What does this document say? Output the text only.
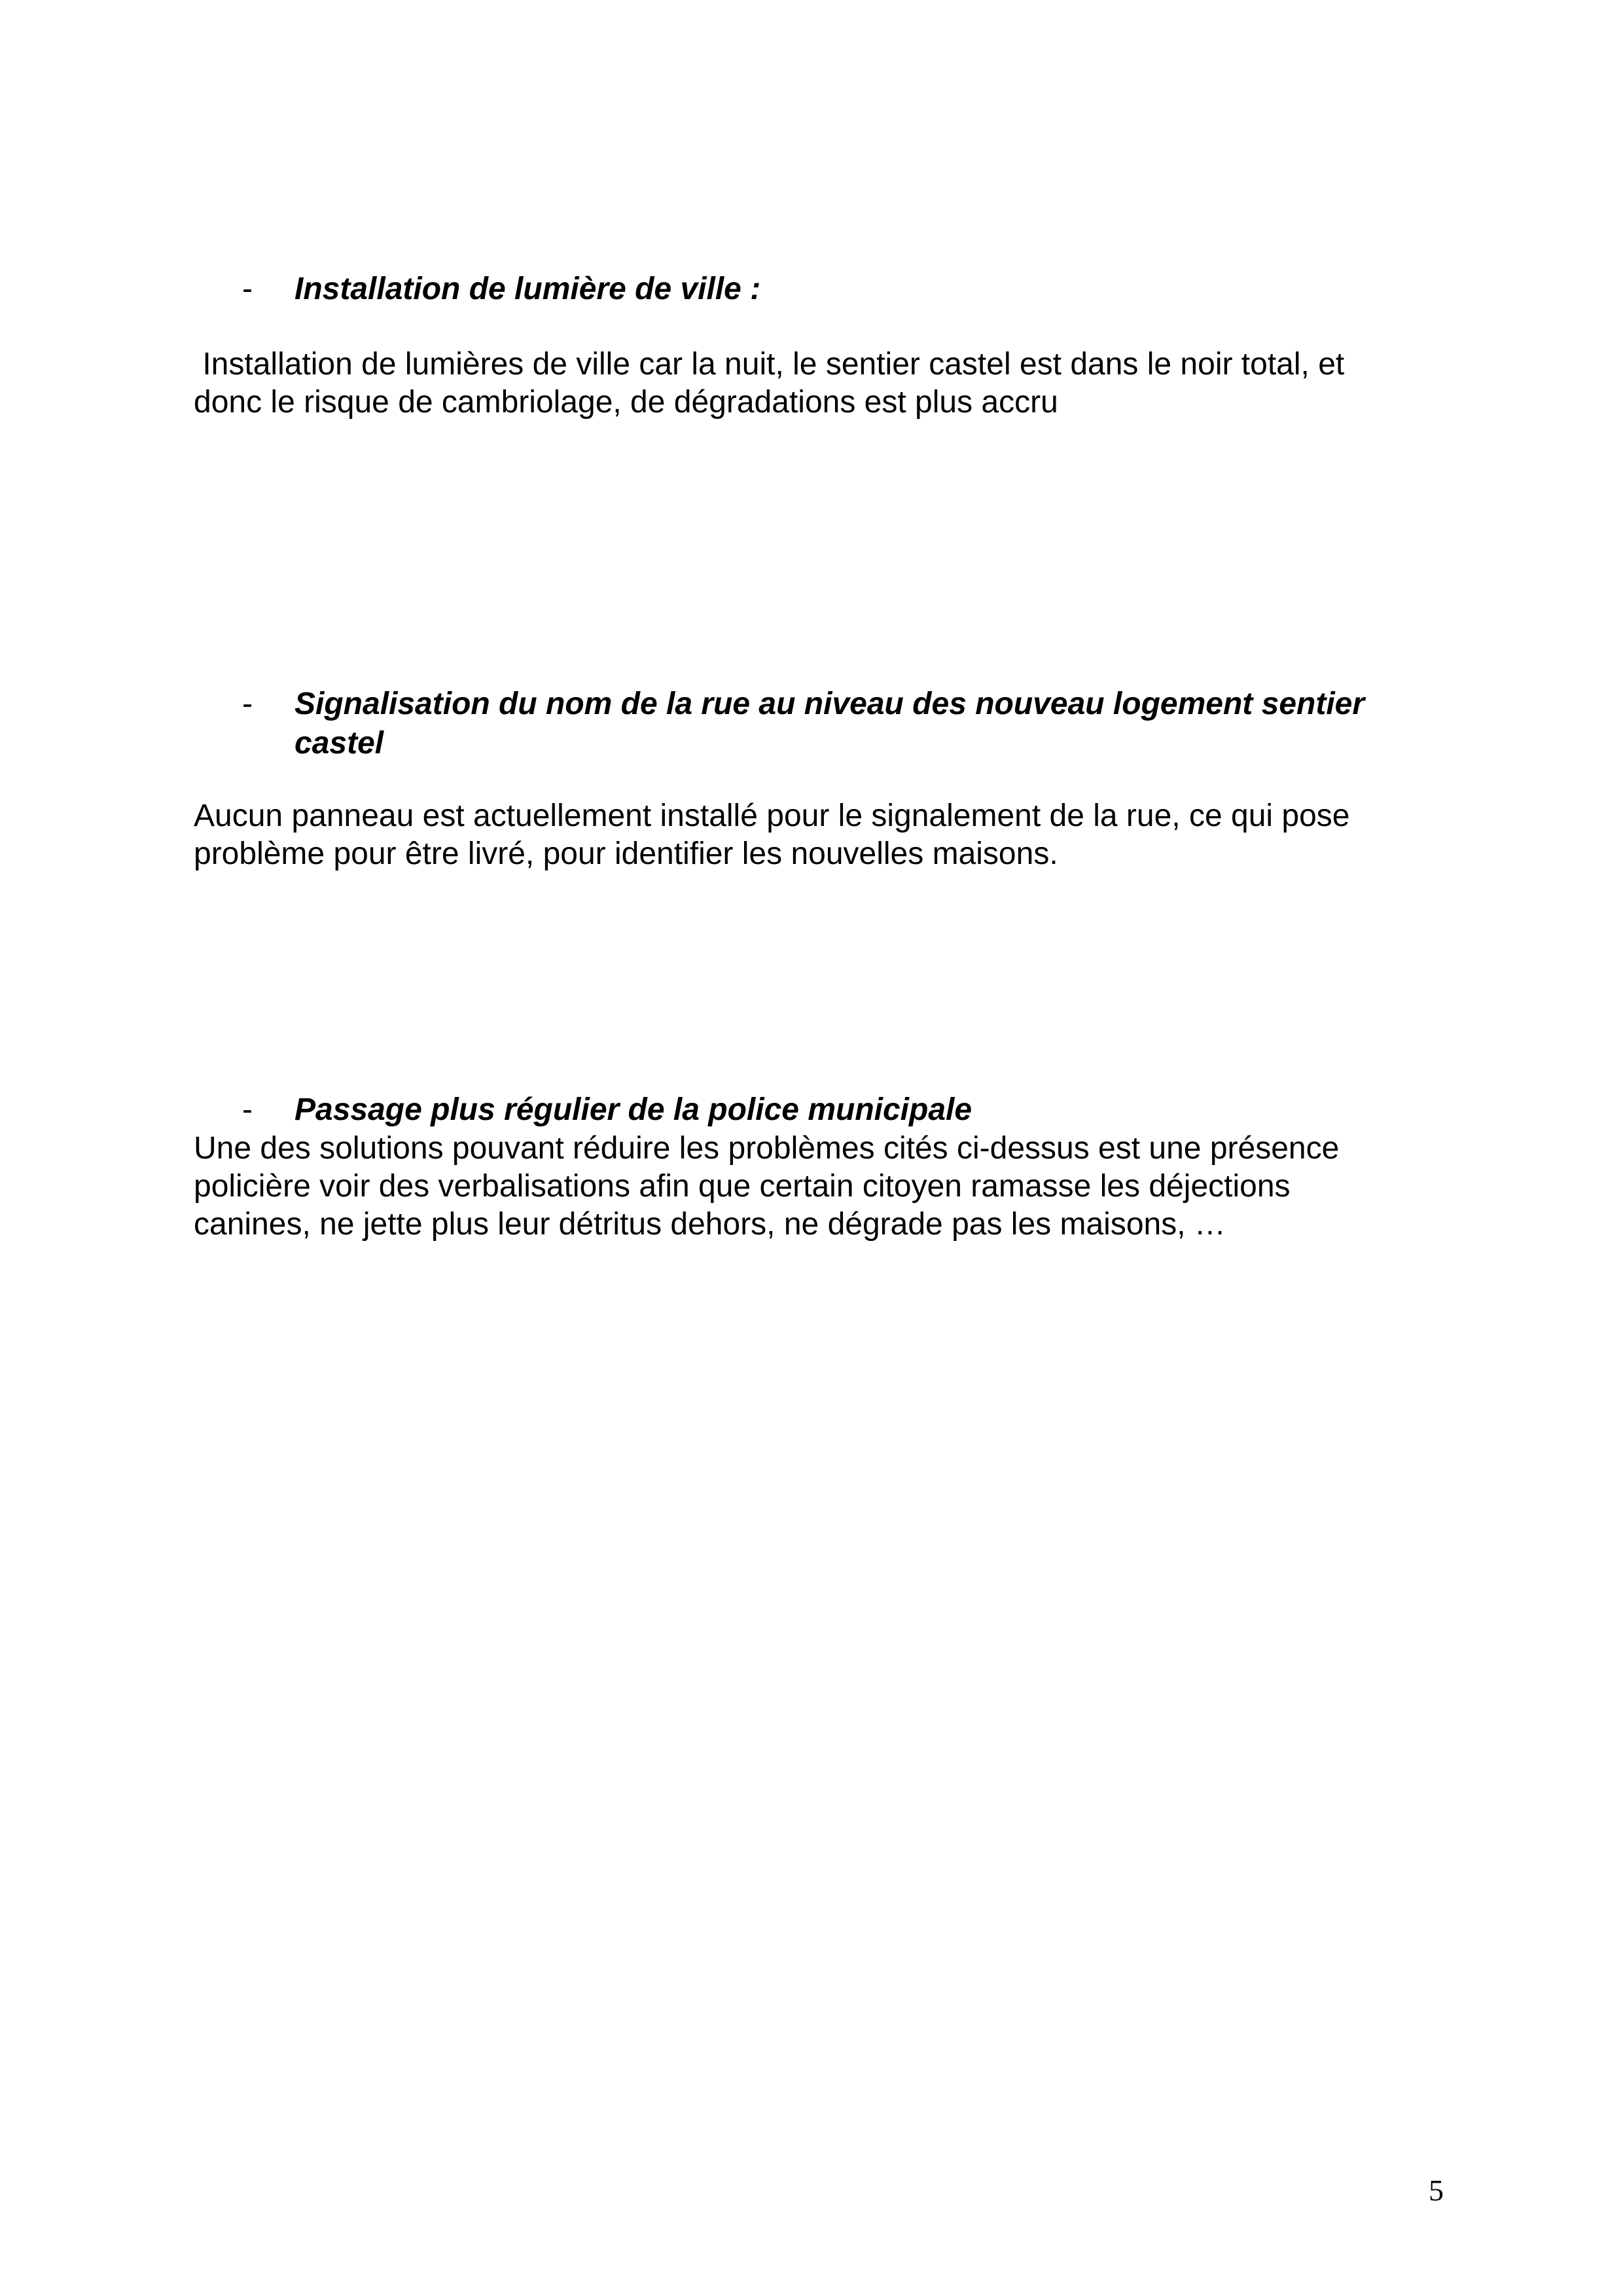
- Installation de lumière de ville :
Installation de lumières de ville car la nuit, le sentier castel est dans le noir total, et
donc le risque de cambriolage, de dégradations est plus accru
- Signalisation du nom de la rue au niveau des nouveau logement sentier
castel
Aucun panneau est actuellement installé pour le signalement de la rue, ce qui pose
problème pour être livré, pour identifier les nouvelles maisons.
- Passage plus régulier de la police municipale
Une des solutions pouvant réduire les problèmes cités ci-dessus est une présence
policière voir des verbalisations afin que certain citoyen ramasse les déjections
canines, ne jette plus leur détritus dehors, ne dégrade pas les maisons, …
5
